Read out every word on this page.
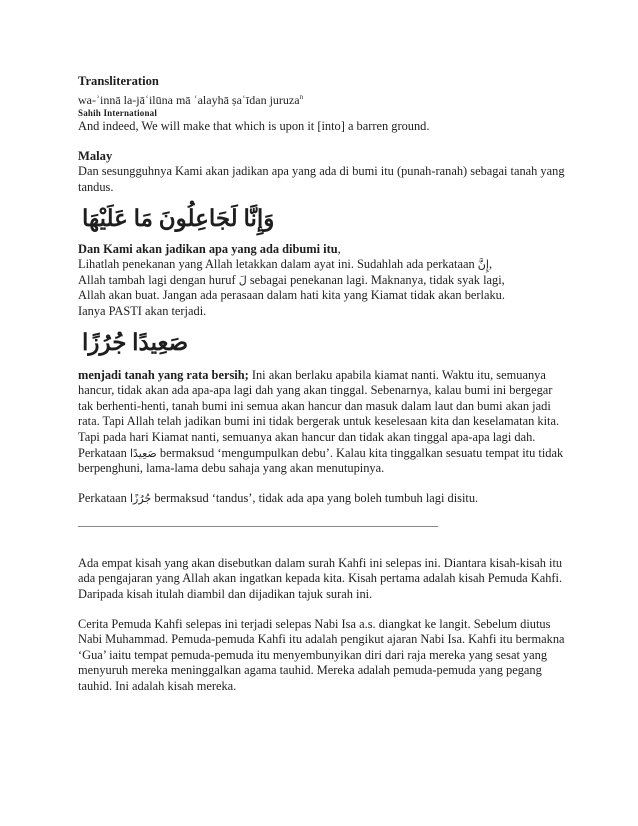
Transliteration
wa-ʾinnā la-jāʿilūna mā ʿalayhā ṣaʿīdan juruza$^n$
Sahih International

And indeed, We will make that which is upon it [into] a barren ground.

Malay

Dan sesungguhnya Kami akan jadikan apa yang ada di bumi itu (punah-ranah) sebagai tanah yang tandus.

وَإِنَّا لَجَاعِلُونَ مَا عَلَيْهَا
Dan Kami akan jadikan apa yang ada dibumi itu,
Lihatlah penekanan yang Allah letakkan dalam ayat ini. Sudahlah ada perkataan إِنَّ,
Allah tambah lagi dengan huruf لَ sebagai penekanan lagi. Maknanya, tidak syak lagi,
Allah akan buat. Jangan ada perasaan dalam hati kita yang Kiamat tidak akan berlaku.
Ianya PASTI akan terjadi.
صَعِيدًا جُرُزًا

menjadi tanah yang rata bersih; Ini akan berlaku apabila kiamat nanti. Waktu itu, semuanya hancur, tidak akan ada apa-apa lagi dah yang akan tinggal. Sebenarnya, kalau bumi ini bergegar tak berhenti-henti, tanah bumi ini semua akan hancur dan masuk dalam laut dan bumi akan jadi rata. Tapi Allah telah jadikan bumi ini tidak bergerak untuk keselesaan kita dan keselamatan kita. Tapi pada hari Kiamat nanti, semuanya akan hancur dan tidak akan tinggal apa-apa lagi dah.

Perkataan صَعِيدًا bermaksud ‘mengumpulkan debu’. Kalau kita tinggalkan sesuatu tempat itu tidak berpenghuni, lama-lama debu sahaja yang akan menutupinya.

Perkataan جُرُزًا bermaksud ‘tandus’, tidak ada apa yang boleh tumbuh lagi disitu.

——————————————————————————————

Ada empat kisah yang akan disebutkan dalam surah Kahfi ini selepas ini. Diantara kisah-kisah itu ada pengajaran yang Allah akan ingatkan kepada kita. Kisah pertama adalah kisah Pemuda Kahfi. Daripada kisah itulah diambil dan dijadikan tajuk surah ini.

Cerita Pemuda Kahfi selepas ini terjadi selepas Nabi Isa a.s. diangkat ke langit. Sebelum diutus Nabi Muhammad. Pemuda-pemuda Kahfi itu adalah pengikut ajaran Nabi Isa. Kahfi itu bermakna ‘Gua’ iaitu tempat pemuda-pemuda itu menyembunyikan diri dari raja mereka yang sesat yang menyuruh mereka meninggalkan agama tauhid. Mereka adalah pemuda-pemuda yang pegang tauhid. Ini adalah kisah mereka.
